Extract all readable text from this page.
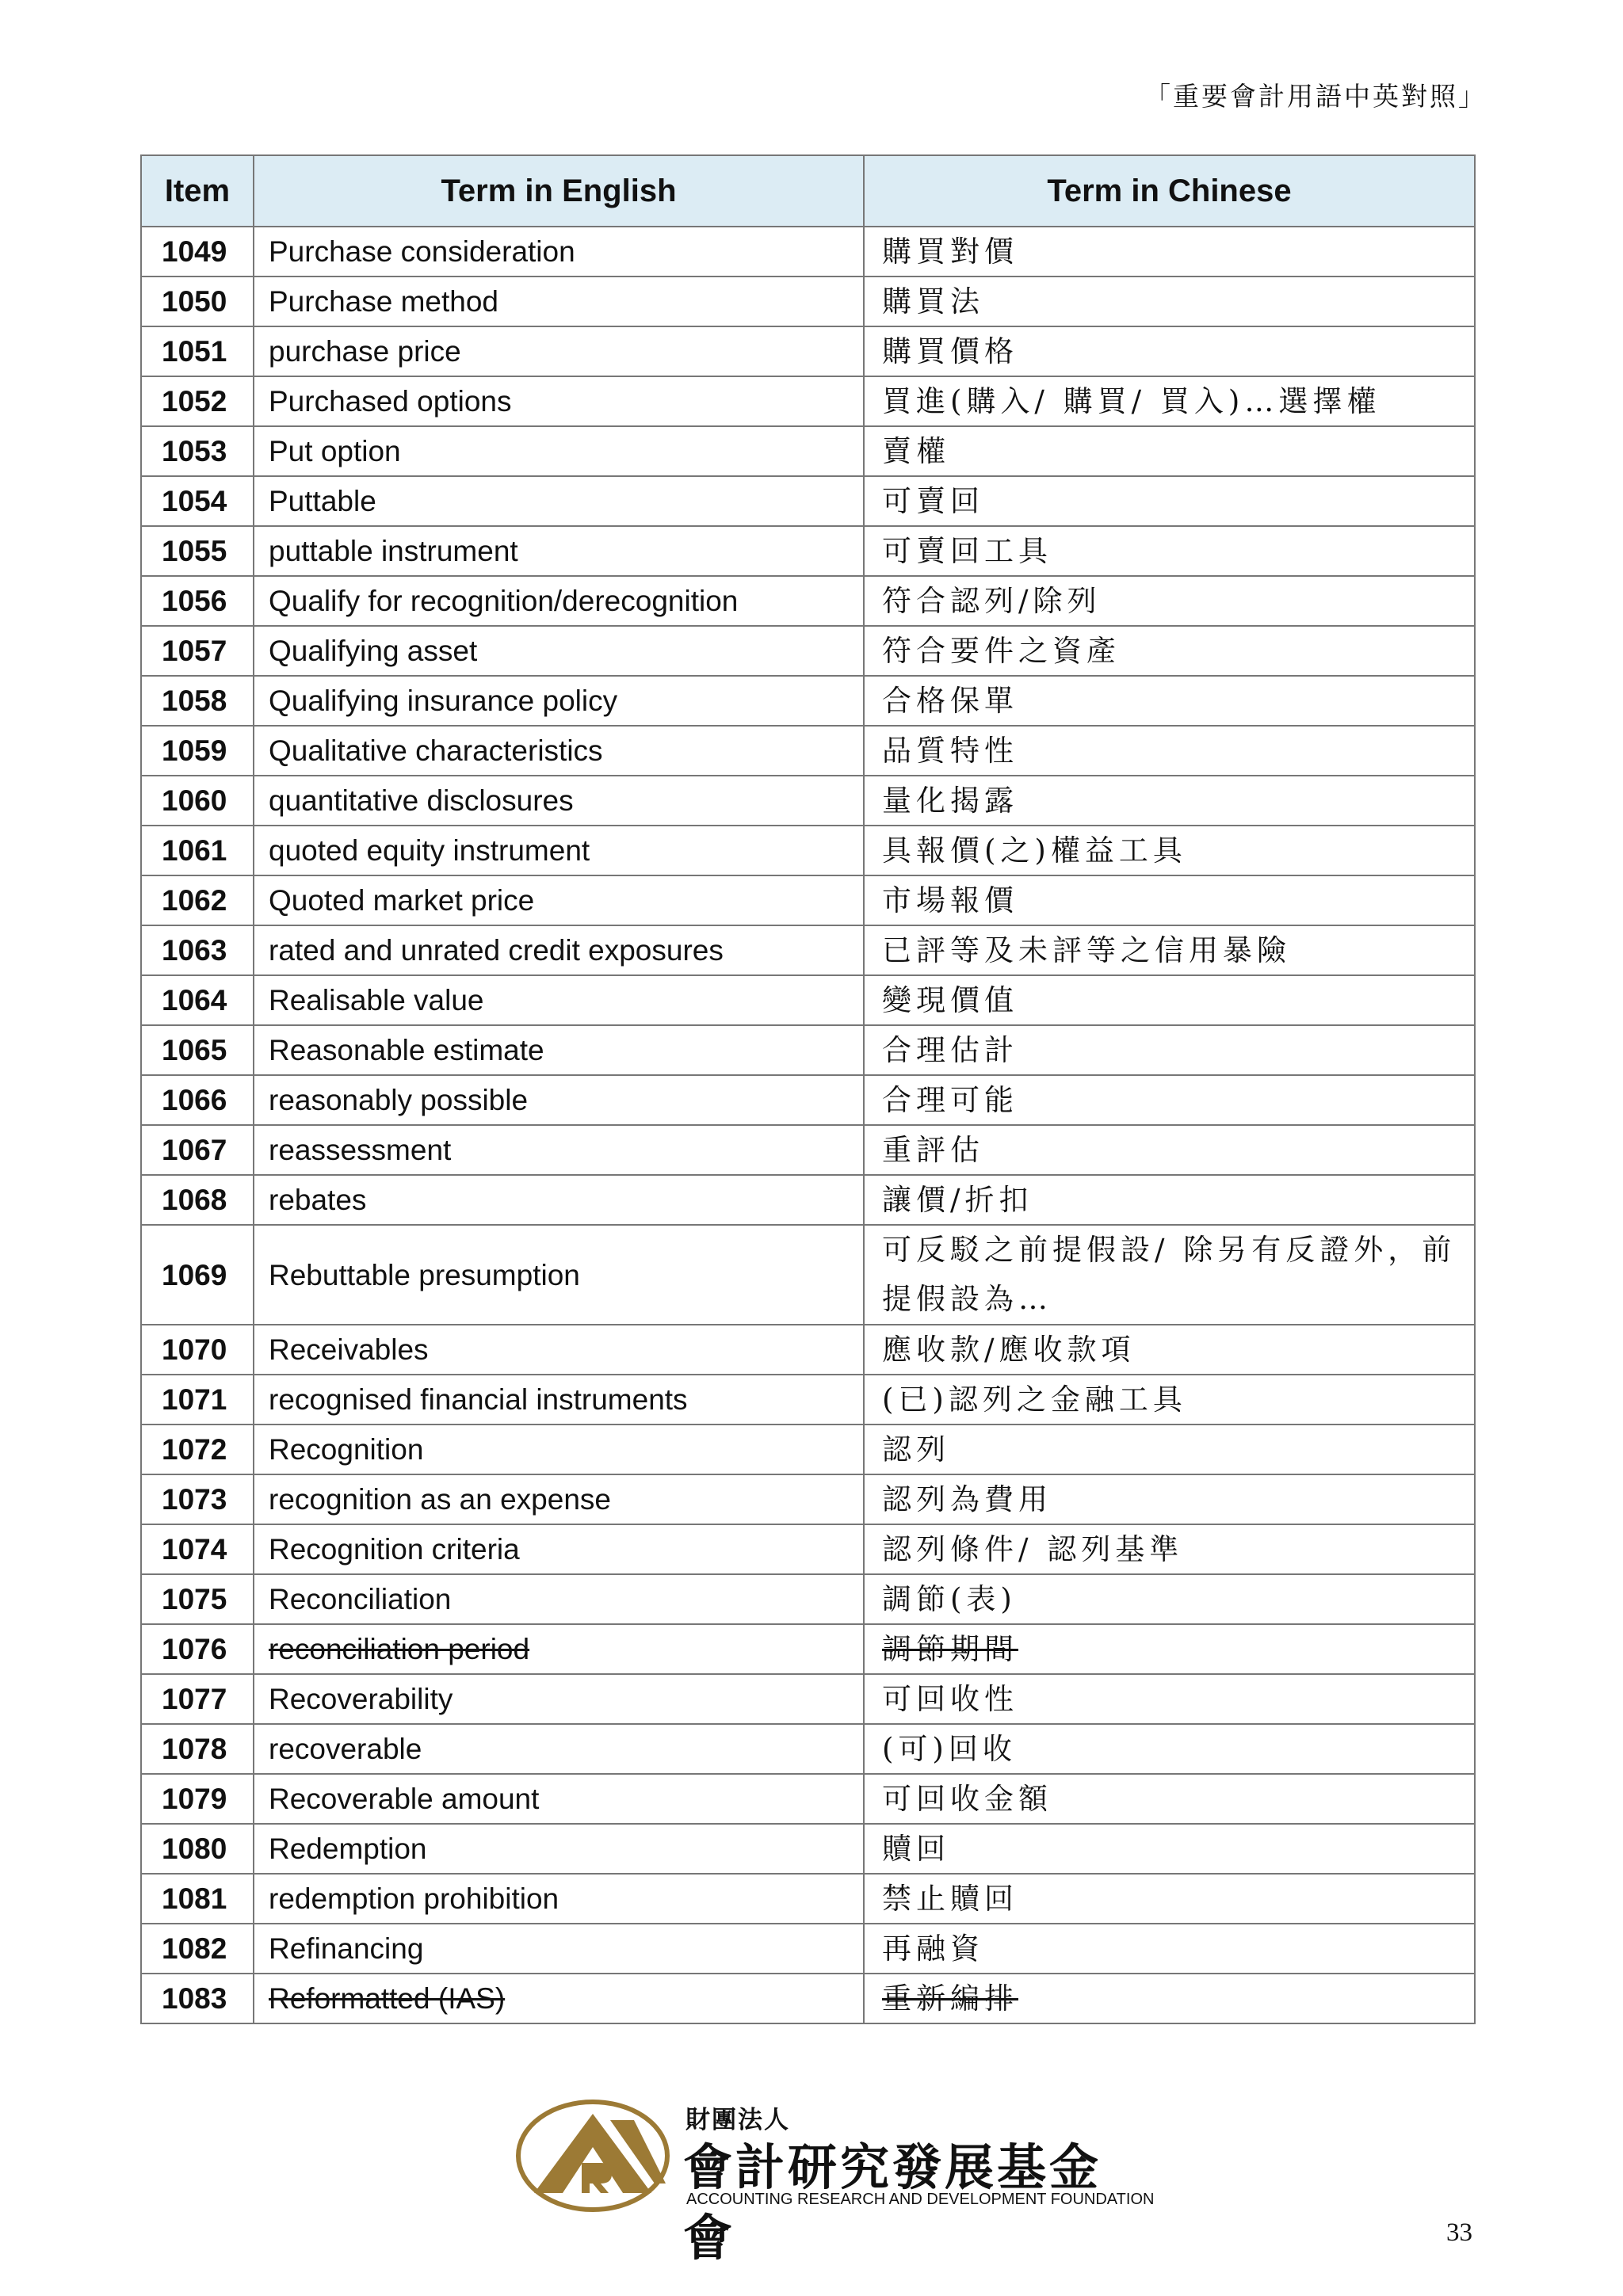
「重要會計用語中英對照」
Item	Term in English	Term in Chinese
1049	Purchase consideration	購買對價
1050	Purchase method	購買法
1051	purchase price	購買價格
1052	Purchased options	買進(購入/ 購買/ 買入)…選擇權
1053	Put option	賣權
1054	Puttable	可賣回
1055	puttable instrument	可賣回工具
1056	Qualify for recognition/derecognition	符合認列/除列
1057	Qualifying asset	符合要件之資產
1058	Qualifying insurance policy	合格保單
1059	Qualitative characteristics	品質特性
1060	quantitative disclosures	量化揭露
1061	quoted equity instrument	具報價(之)權益工具
1062	Quoted market price	市場報價
1063	rated and unrated credit exposures	已評等及未評等之信用暴險
1064	Realisable value	變現價值
1065	Reasonable estimate	合理估計
1066	reasonably possible	合理可能
1067	reassessment	重評估
1068	rebates	讓價/折扣
1069	Rebuttable presumption	可反駁之前提假設/ 除另有反證外，前提假設為…
1070	Receivables	應收款/應收款項
1071	recognised financial instruments	(已)認列之金融工具
1072	Recognition	認列
1073	recognition as an expense	認列為費用
1074	Recognition criteria	認列條件/ 認列基準
1075	Reconciliation	調節(表)
1076	reconciliation period	調節期間
1077	Recoverability	可回收性
1078	recoverable	(可)回收
1079	Recoverable amount	可回收金額
1080	Redemption	贖回
1081	redemption prohibition	禁止贖回
1082	Refinancing	再融資
1083	Reformatted (IAS)	重新編排
財團法人
會計研究發展基金會
ACCOUNTING RESEARCH AND DEVELOPMENT FOUNDATION
33
